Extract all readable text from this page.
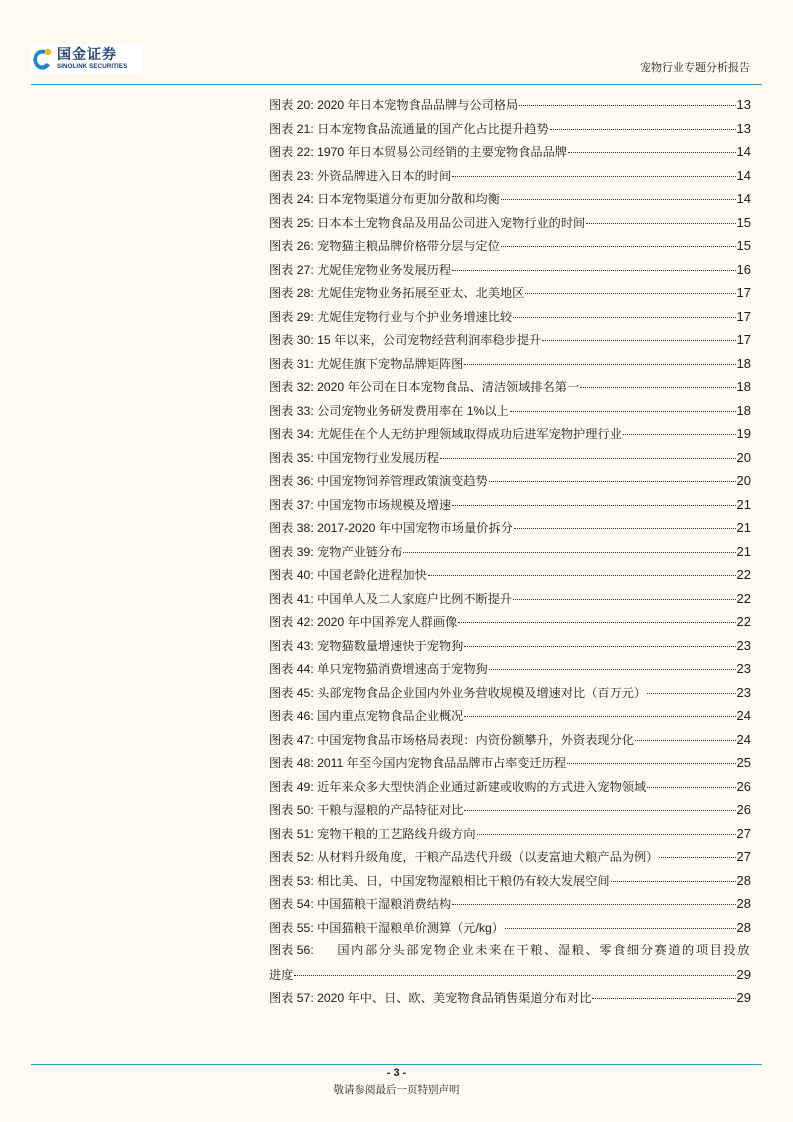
国金证券
SINOLINK SECURITIES	宠物行业专题分析报告
图表 20: 2020 年日本宠物食品品牌与公司格局	13
图表 21: 日本宠物食品流通量的国产化占比提升趋势	13
图表 22: 1970 年日本贸易公司经销的主要宠物食品品牌	14
图表 23: 外资品牌进入日本的时间	14
图表 24: 日本宠物渠道分布更加分散和均衡	14
图表 25: 日本本土宠物食品及用品公司进入宠物行业的时间	15
图表 26: 宠物猫主粮品牌价格带分层与定位	15
图表 27: 尤妮佳宠物业务发展历程	16
图表 28: 尤妮佳宠物业务拓展至亚太、北美地区	17
图表 29: 尤妮佳宠物行业与个护业务增速比较	17
图表 30: 15 年以来，公司宠物经营利润率稳步提升	17
图表 31: 尤妮佳旗下宠物品牌矩阵图	18
图表 32: 2020 年公司在日本宠物食品、清洁领域排名第一	18
图表 33: 公司宠物业务研发费用率在 1%以上	18
图表 34: 尤妮佳在个人无纺护理领域取得成功后进军宠物护理行业	19
图表 35: 中国宠物行业发展历程	20
图表 36: 中国宠物饲养管理政策演变趋势	20
图表 37: 中国宠物市场规模及增速	21
图表 38: 2017-2020 年中国宠物市场量价拆分	21
图表 39: 宠物产业链分布	21
图表 40: 中国老龄化进程加快	22
图表 41: 中国单人及二人家庭户比例不断提升	22
图表 42: 2020 年中国养宠人群画像	22
图表 43: 宠物猫数量增速快于宠物狗	23
图表 44: 单只宠物猫消费增速高于宠物狗	23
图表 45: 头部宠物食品企业国内外业务营收规模及增速对比（百万元）	23
图表 46: 国内重点宠物食品企业概况	24
图表 47: 中国宠物食品市场格局表现：内资份额攀升，外资表现分化	24
图表 48: 2011 年至今国内宠物食品品牌市占率变迁历程	25
图表 49: 近年来众多大型快消企业通过新建或收购的方式进入宠物领域	26
图表 50: 干粮与湿粮的产品特征对比	26
图表 51: 宠物干粮的工艺路线升级方向	27
图表 52: 从材料升级角度，干粮产品迭代升级（以麦富迪犬粮产品为例）	27
图表 53: 相比美、日，中国宠物湿粮相比干粮仍有较大发展空间	28
图表 54: 中国猫粮干湿粮消费结构	28
图表 55: 中国猫粮干湿粮单价测算（元/kg）	28
图表 56: 国内部分头部宠物企业未来在干粮、湿粮、零食细分赛道的项目投放
进度	29
图表 57: 2020 年中、日、欧、美宠物食品销售渠道分布对比	29
- 3 -
敬请参阅最后一页特别声明
